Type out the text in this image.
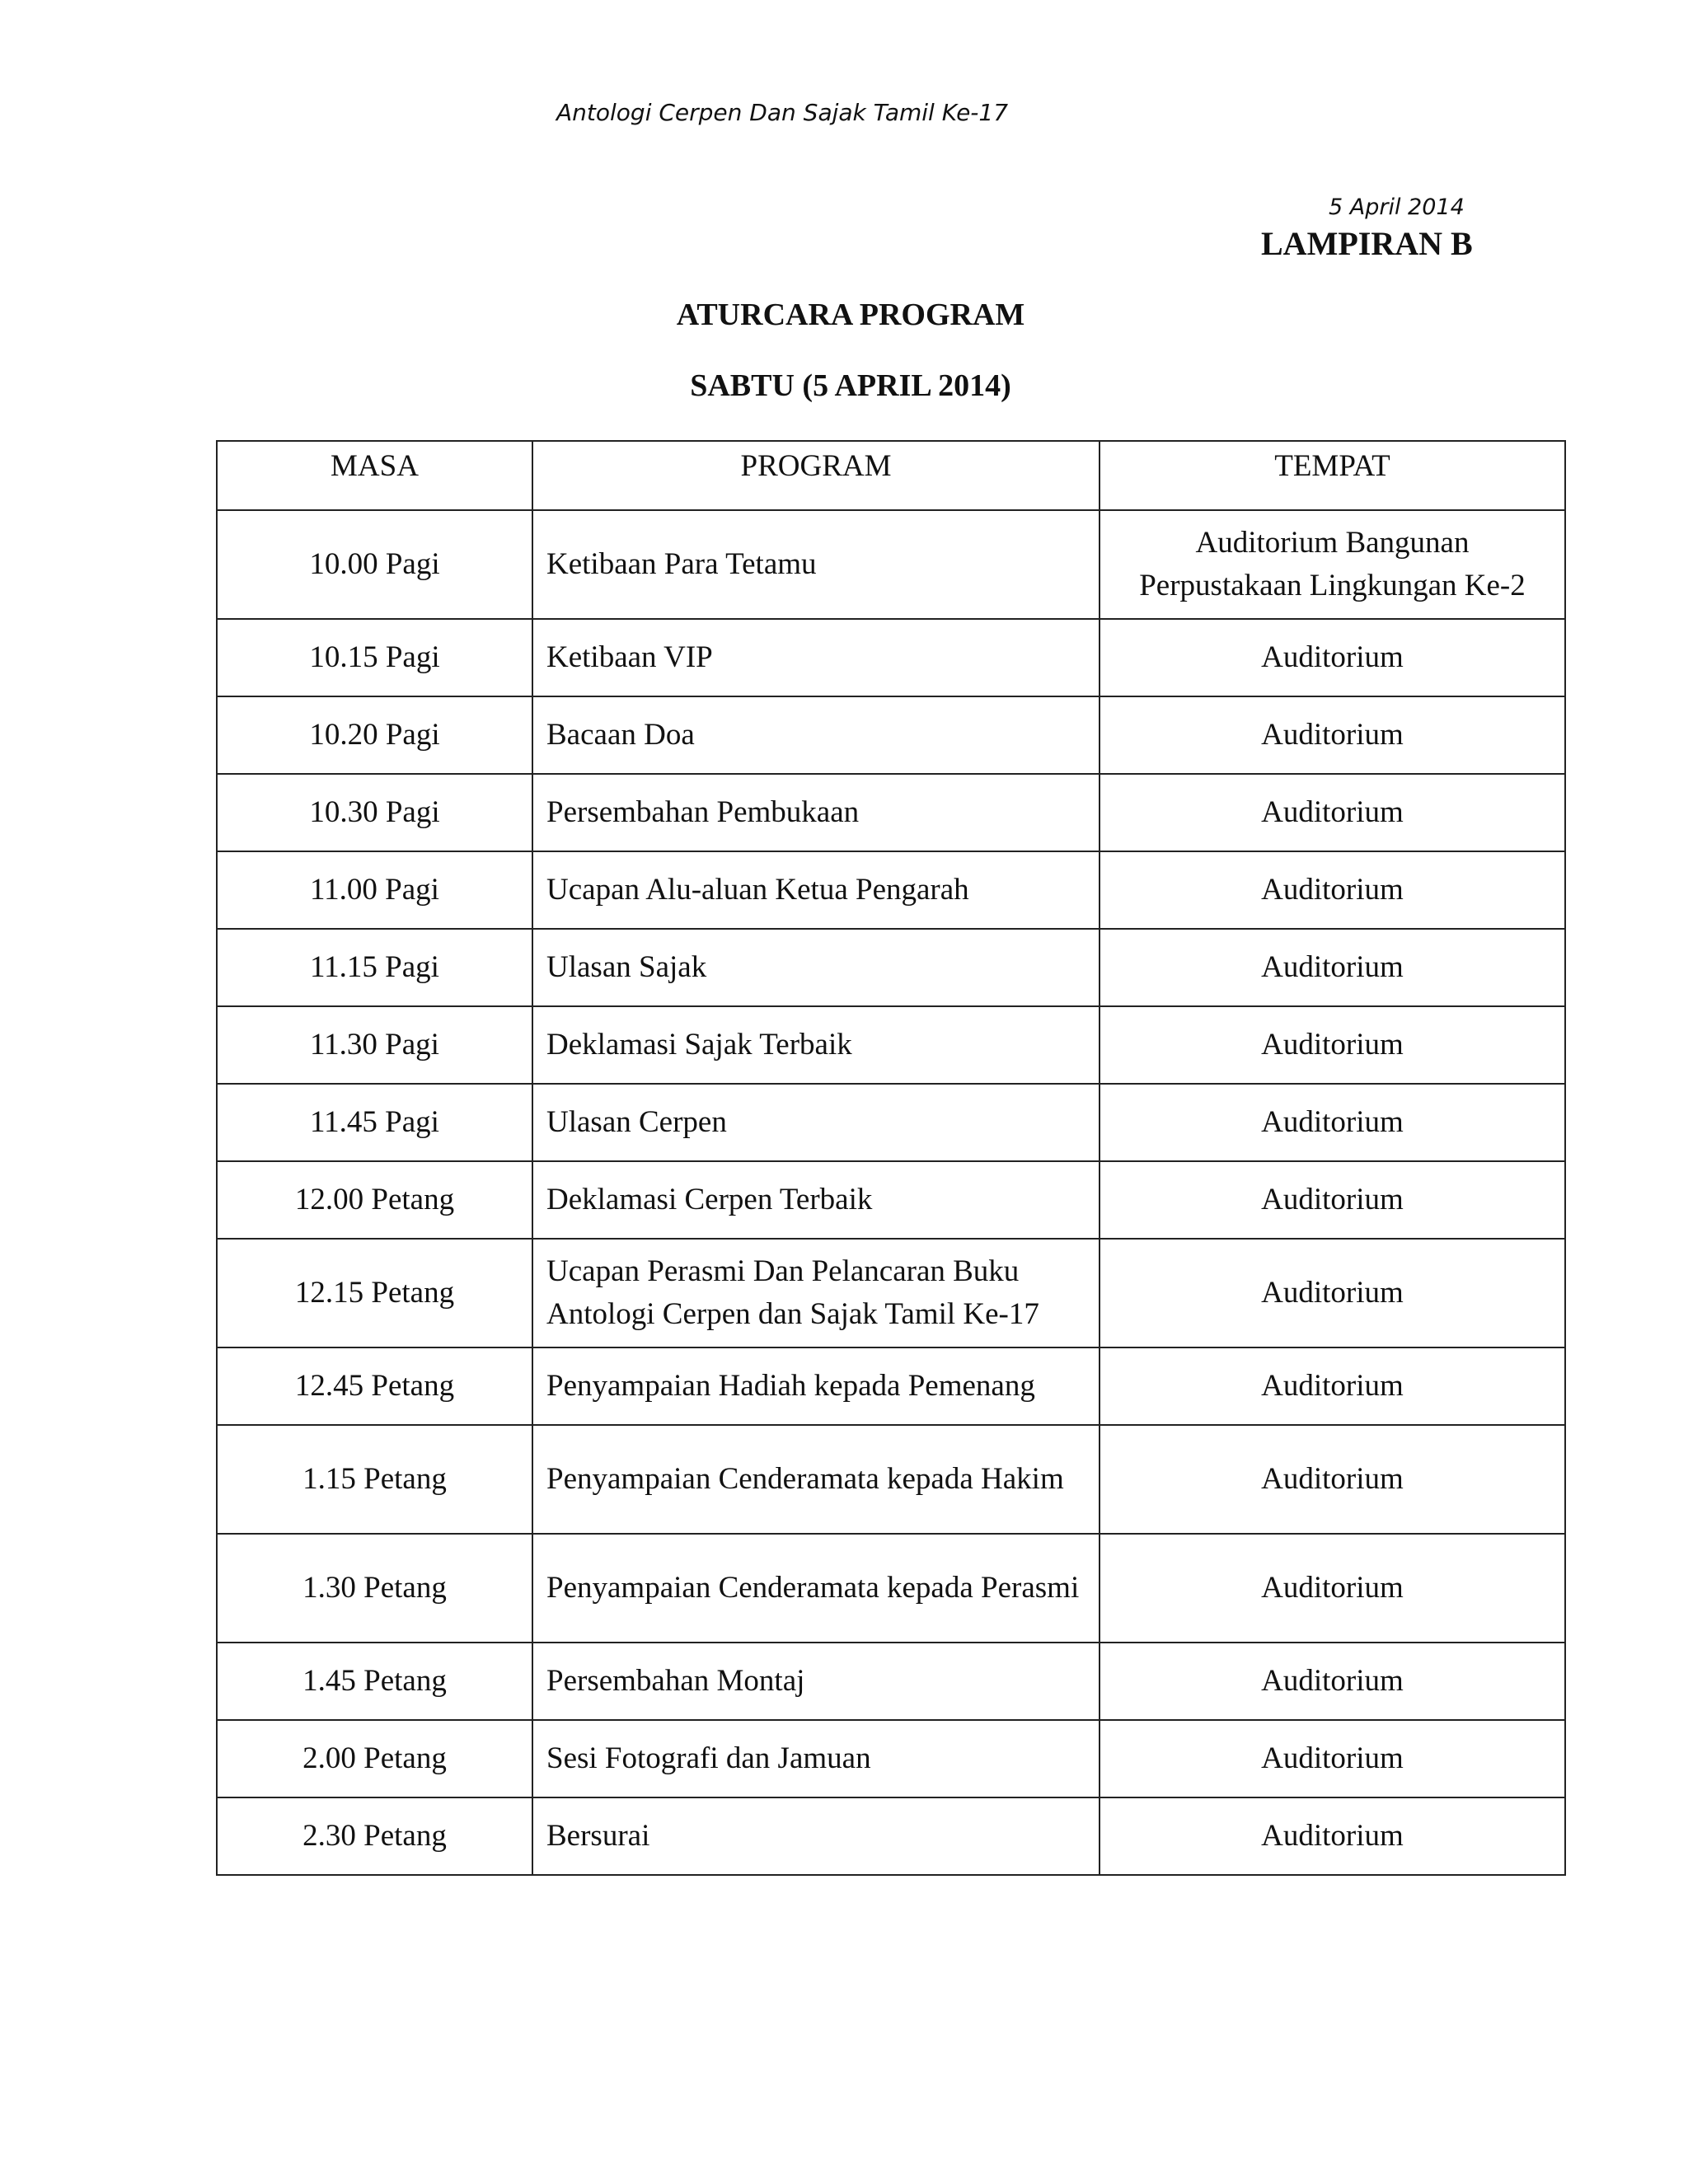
Antologi Cerpen Dan Sajak Tamil Ke-17
5 April 2014
LAMPIRAN B
ATURCARA PROGRAM
SABTU (5 APRIL 2014)
MASA	PROGRAM	TEMPAT
10.00 Pagi	Ketibaan Para Tetamu	Auditorium Bangunan Perpustakaan Lingkungan Ke-2
10.15 Pagi	Ketibaan VIP	Auditorium
10.20 Pagi	Bacaan Doa	Auditorium
10.30 Pagi	Persembahan Pembukaan	Auditorium
11.00 Pagi	Ucapan Alu-aluan Ketua Pengarah	Auditorium
11.15 Pagi	Ulasan Sajak	Auditorium
11.30 Pagi	Deklamasi Sajak Terbaik	Auditorium
11.45 Pagi	Ulasan Cerpen	Auditorium
12.00 Petang	Deklamasi Cerpen Terbaik	Auditorium
12.15 Petang	Ucapan Perasmi Dan Pelancaran Buku Antologi Cerpen dan Sajak Tamil Ke-17	Auditorium
12.45 Petang	Penyampaian Hadiah kepada Pemenang	Auditorium
1.15 Petang	Penyampaian Cenderamata kepada Hakim	Auditorium
1.30 Petang	Penyampaian Cenderamata kepada Perasmi	Auditorium
1.45 Petang	Persembahan Montaj	Auditorium
2.00 Petang	Sesi Fotografi dan Jamuan	Auditorium
2.30 Petang	Bersurai	Auditorium
